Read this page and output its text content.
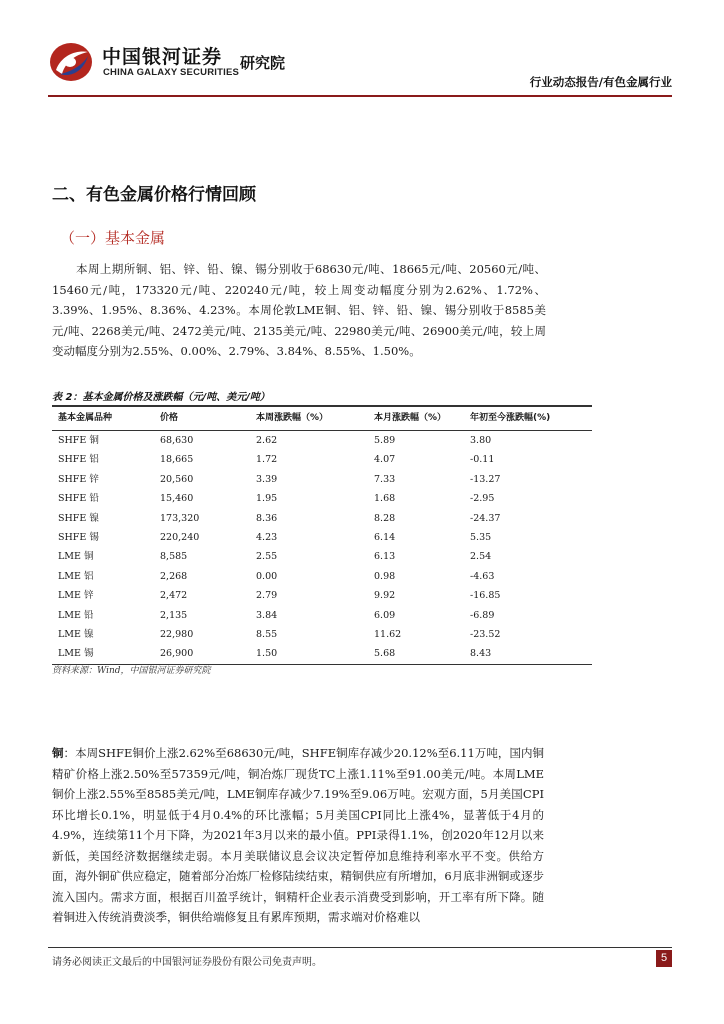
中国银河证券
CHINA GALAXY SECURITIES
研究院
行业动态报告/有色金属行业
二、有色金属价格行情回顾
（一）基本金属
本周上期所铜、铝、锌、铅、镍、锡分别收于68630元/吨、18665元/吨、20560元/吨、15460元/吨，173320元/吨、220240元/吨，较上周变动幅度分别为2.62%、1.72%、3.39%、1.95%、8.36%、4.23%。本周伦敦LME铜、铝、锌、铅、镍、锡分别收于8585美元/吨、2268美元/吨、2472美元/吨、2135美元/吨、22980美元/吨、26900美元/吨，较上周变动幅度分别为2.55%、0.00%、2.79%、3.84%、8.55%、1.50%。
表 2：基本金属价格及涨跌幅（元/吨、美元/吨）
基本金属品种	价格	本周涨跌幅（%）	本月涨跌幅（%）	年初至今涨跌幅(%)
SHFE 铜	68,630	2.62	5.89	3.80
SHFE 铝	18,665	1.72	4.07	-0.11
SHFE 锌	20,560	3.39	7.33	-13.27
SHFE 铅	15,460	1.95	1.68	-2.95
SHFE 镍	173,320	8.36	8.28	-24.37
SHFE 锡	220,240	4.23	6.14	5.35
LME 铜	8,585	2.55	6.13	2.54
LME 铝	2,268	0.00	0.98	-4.63
LME 锌	2,472	2.79	9.92	-16.85
LME 铅	2,135	3.84	6.09	-6.89
LME 镍	22,980	8.55	11.62	-23.52
LME 锡	26,900	1.50	5.68	8.43
资料来源：Wind，中国银河证券研究院
铜：本周SHFE铜价上涨2.62%至68630元/吨，SHFE铜库存减少20.12%至6.11万吨，国内铜精矿价格上涨2.50%至57359元/吨，铜冶炼厂现货TC上涨1.11%至91.00美元/吨。本周LME铜价上涨2.55%至8585美元/吨，LME铜库存减少7.19%至9.06万吨。宏观方面，5月美国CPI环比增长0.1%，明显低于4月0.4%的环比涨幅；5月美国CPI同比上涨4%，显著低于4月的4.9%，连续第11个月下降，为2021年3月以来的最小值。PPI录得1.1%，创2020年12月以来新低，美国经济数据继续走弱。本月美联储议息会议决定暂停加息维持利率水平不变。供给方面，海外铜矿供应稳定，随着部分冶炼厂检修陆续结束，精铜供应有所增加，6月底非洲铜或逐步流入国内。需求方面，根据百川盈孚统计，铜精杆企业表示消费受到影响，开工率有所下降。随着铜进入传统消费淡季，铜供给端修复且有累库预期，需求端对价格难以
请务必阅读正文最后的中国银河证券股份有限公司免责声明。	5
